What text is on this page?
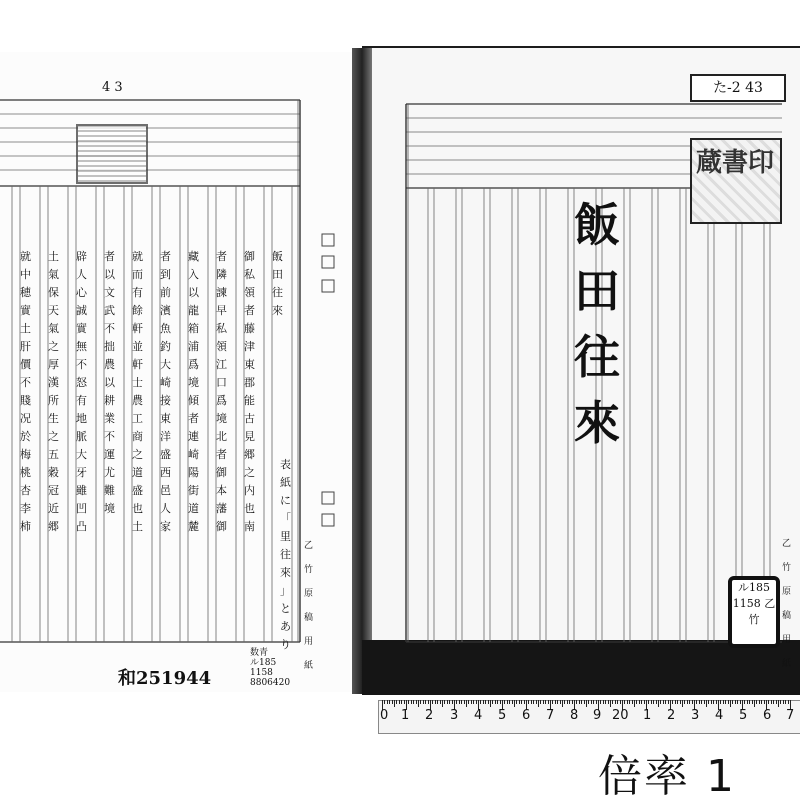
4 3
飯
田
往
來
御
私
領
者
藤
津
東
郡
能
古
見
郷
之
内
也
南
者
隣
諫
早
私
領
江
口
爲
境
北
者
御
本
藩
御
藏
入
以
龍
箱
浦
爲
境
傾
者
連
崎
陽
街
道
麓
者
到
前
濱
魚
釣
大
崎
接
東
洋
盛
西
邑
人
家
就
而
有
餘
軒
並
軒
士
農
工
商
之
道
盛
也
土
者
以
文
武
不
拙
農
以
耕
業
不
運
尤
難
境
辟
人
心
誠
實
無
不
怒
有
地
脈
大
牙
雖
凹
凸
土
氣
保
天
氣
之
厚
漢
所
生
之
五
穀
冠
近
郷
就
中
穂
實
土
肝
價
不
賤
况
於
梅
桃
杏
李
柿
表
紙
に
「
里
往
來
」
と
あ
り
乙
竹
原
稿
用
紙
和251944
数青
ル185
1158
8806420
た-2 43
蔵書印
飯
田
往
來
乙
竹
原
稿
用
紙
ル185 1158 乙竹
0 1 2 3 4 5 6 7 8 9 20 1 2 3 4 5 6 7
倍率 1
